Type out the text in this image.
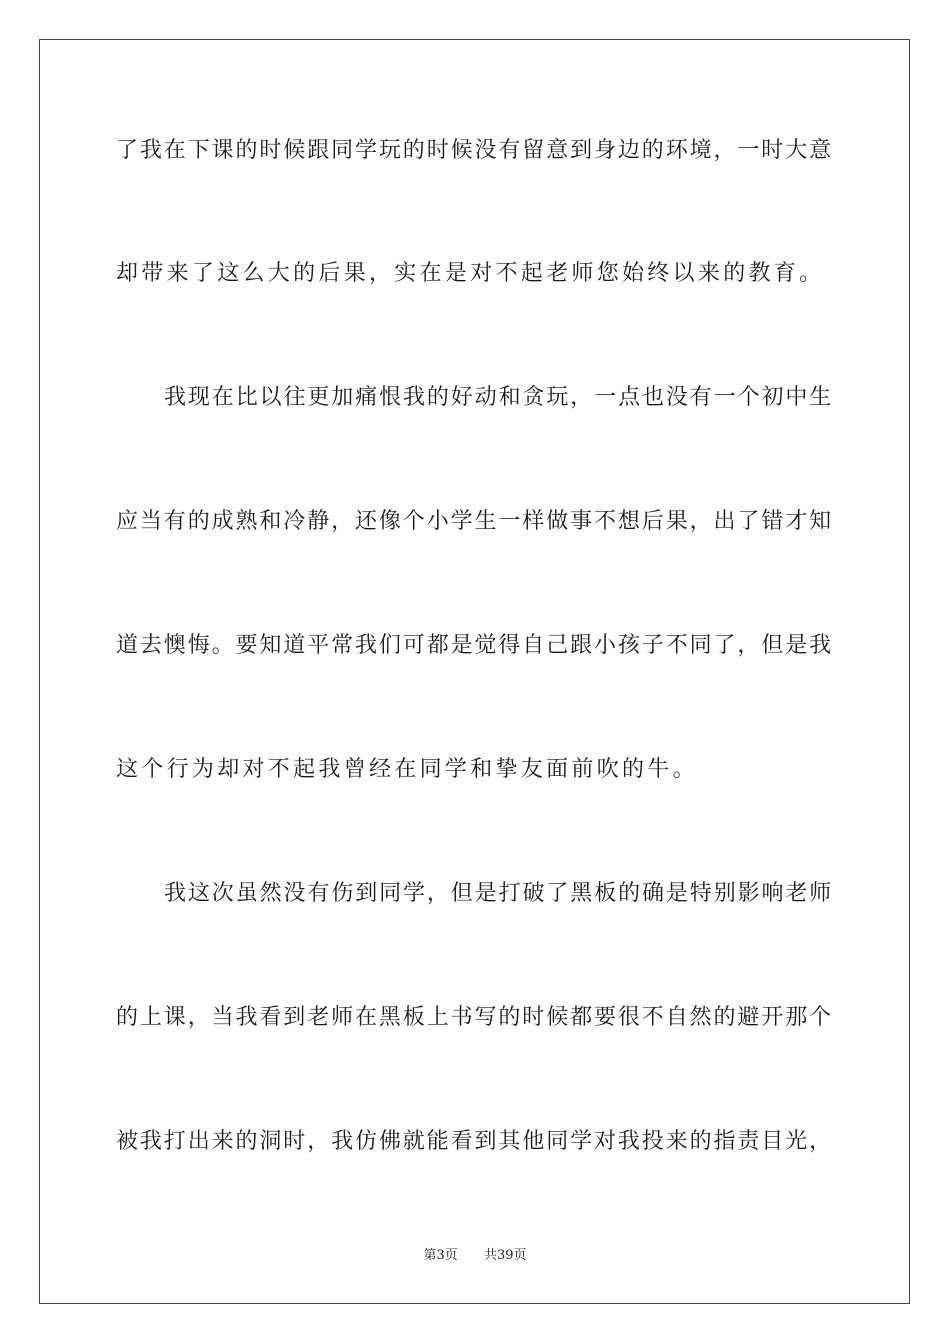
了我在下课的时候跟同学玩的时候没有留意到身边的环境，一时大意
却带来了这么大的后果，实在是对不起老师您始终以来的教育。
我现在比以往更加痛恨我的好动和贪玩，一点也没有一个初中生
应当有的成熟和冷静，还像个小学生一样做事不想后果，出了错才知
道去懊悔。要知道平常我们可都是觉得自己跟小孩子不同了，但是我
这个行为却对不起我曾经在同学和挚友面前吹的牛。
我这次虽然没有伤到同学，但是打破了黑板的确是特别影响老师
的上课，当我看到老师在黑板上书写的时候都要很不自然的避开那个
被我打出来的洞时，我仿佛就能看到其他同学对我投来的指责目光，
第3页 共39页
